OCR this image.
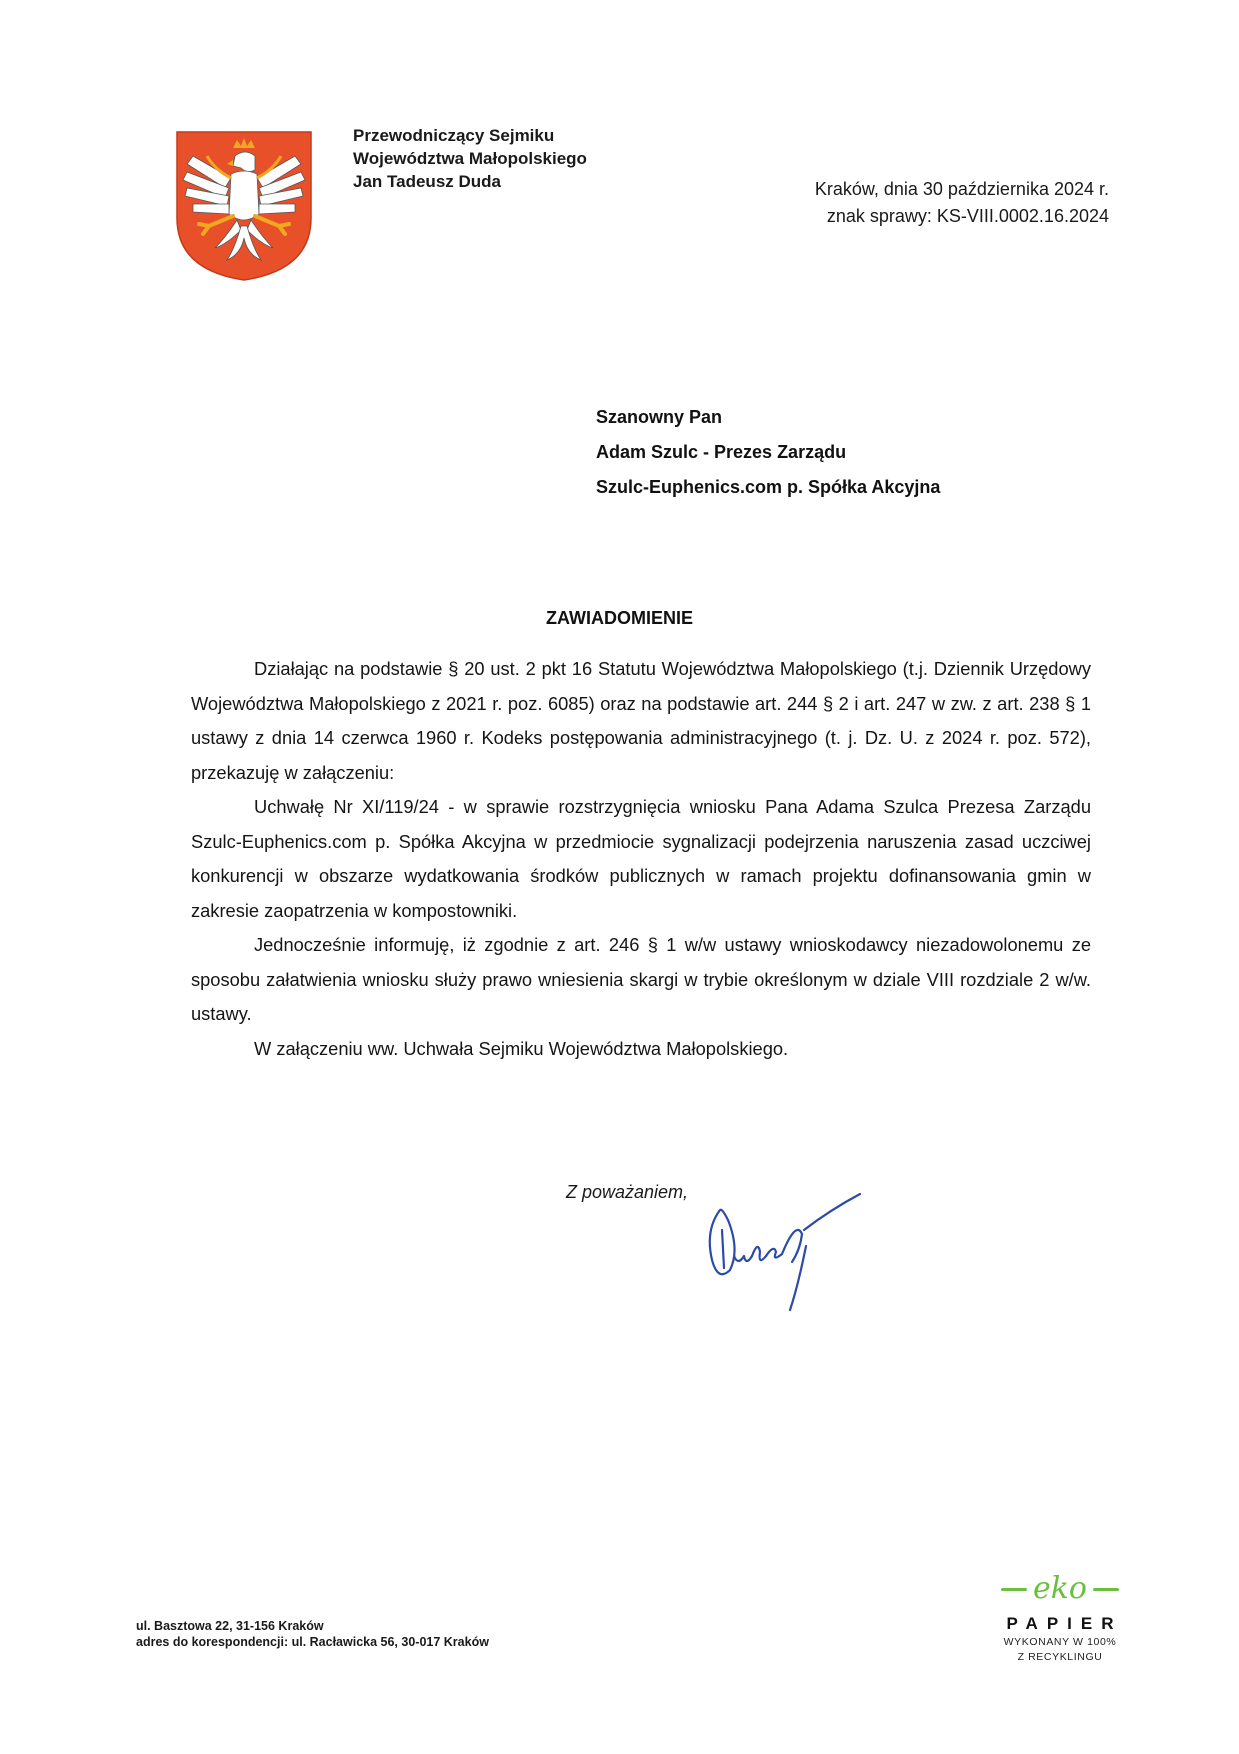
Przewodniczący Sejmiku
Województwa Małopolskiego
Jan Tadeusz Duda	Kraków, dnia 30 października 2024 r.
znak sprawy: KS-VIII.0002.16.2024
Szanowny Pan
Adam Szulc - Prezes Zarządu
Szulc-Euphenics.com p. Spółka Akcyjna
ZAWIADOMIENIE

Działając na podstawie § 20 ust. 2 pkt 16 Statutu Województwa Małopolskiego (t.j. Dziennik Urzędowy Województwa Małopolskiego z 2021 r. poz. 6085) oraz na podstawie art. 244 § 2 i art. 247 w zw. z art. 238 § 1 ustawy z dnia 14 czerwca 1960 r. Kodeks postępowania administracyjnego (t. j. Dz. U. z 2024 r. poz. 572), przekazuję w załączeniu:

Uchwałę Nr XI/119/24 - w sprawie rozstrzygnięcia wniosku Pana Adama Szulca Prezesa Zarządu Szulc-Euphenics.com p. Spółka Akcyjna w przedmiocie sygnalizacji podejrzenia naruszenia zasad uczciwej konkurencji w obszarze wydatkowania środków publicznych w ramach projektu dofinansowania gmin w zakresie zaopatrzenia w kompostowniki.

Jednocześnie informuję, iż zgodnie z art. 246 § 1 w/w ustawy wnioskodawcy niezadowolonemu ze sposobu załatwienia wniosku służy prawo wniesienia skargi w trybie określonym w dziale VIII rozdziale 2 w/w. ustawy.

W załączeniu ww. Uchwała Sejmiku Województwa Małopolskiego.

Z poważaniem,
ul. Basztowa 22, 31-156 Kraków
adres do korespondencji: ul. Racławicka 56, 30-017 Kraków
eko
PAPIER
WYKONANY W 100%
Z RECYKLINGU
